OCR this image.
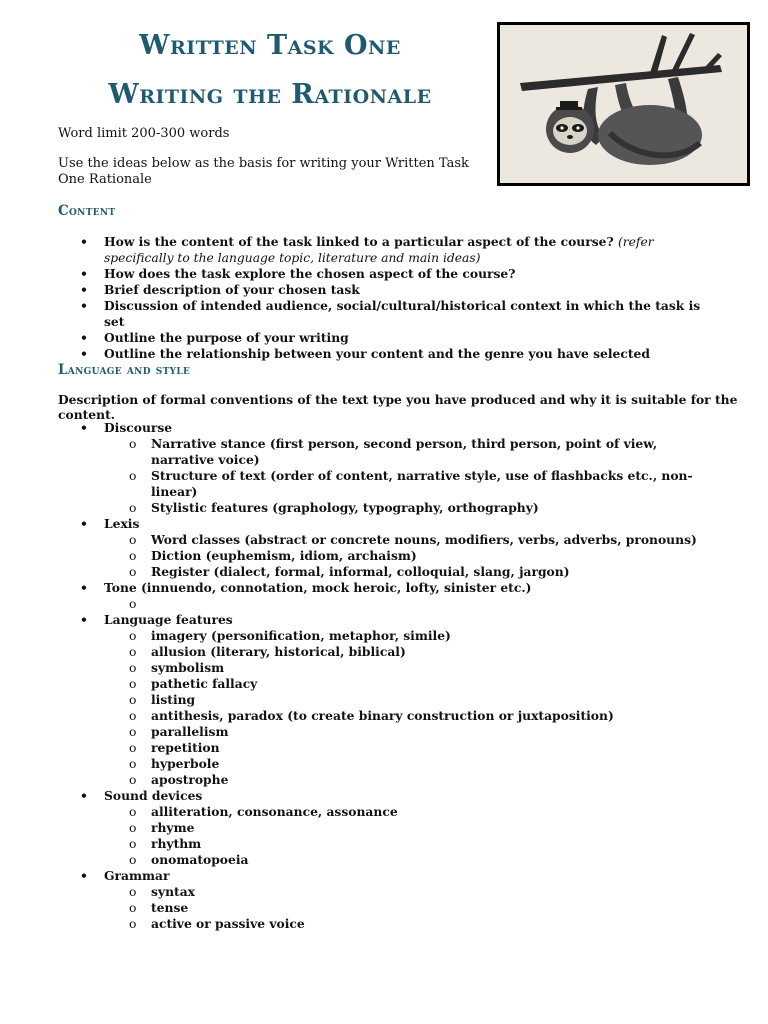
Written Task One
Writing the Rationale

Word limit 200-300 words

Use the ideas below as the basis for writing your Written Task One Rationale

Content
• How is the content of the task linked to a particular aspect of the course? (refer specifically to the language topic, literature and main ideas)
• How does the task explore the chosen aspect of the course?
• Brief description of your chosen task
• Discussion of intended audience, social/cultural/historical context in which the task is set
• Outline the purpose of your writing
• Outline the relationship between your content and the genre you have selected
Language and style

Description of formal conventions of the text type you have produced and why it is suitable for the content.

• Discourse
o Narrative stance (first person, second person, third person, point of view, narrative voice)
o Structure of text (order of content, narrative style, use of flashbacks etc., non-linear)
o Stylistic features (graphology, typography, orthography)
• Lexis
o Word classes (abstract or concrete nouns, modifiers, verbs, adverbs, pronouns)
o Diction (euphemism, idiom, archaism)
o Register (dialect, formal, informal, colloquial, slang, jargon)
• Tone (innuendo, connotation, mock heroic, lofty, sinister etc.)
o
• Language features
o imagery (personification, metaphor, simile)
o allusion (literary, historical, biblical)
o symbolism
o pathetic fallacy
o listing
o antithesis, paradox (to create binary construction or juxtaposition)
o parallelism
o repetition
o hyperbole
o apostrophe
• Sound devices
o alliteration, consonance, assonance
o rhyme
o rhythm
o onomatopoeia
• Grammar
o syntax
o tense
o active or passive voice
